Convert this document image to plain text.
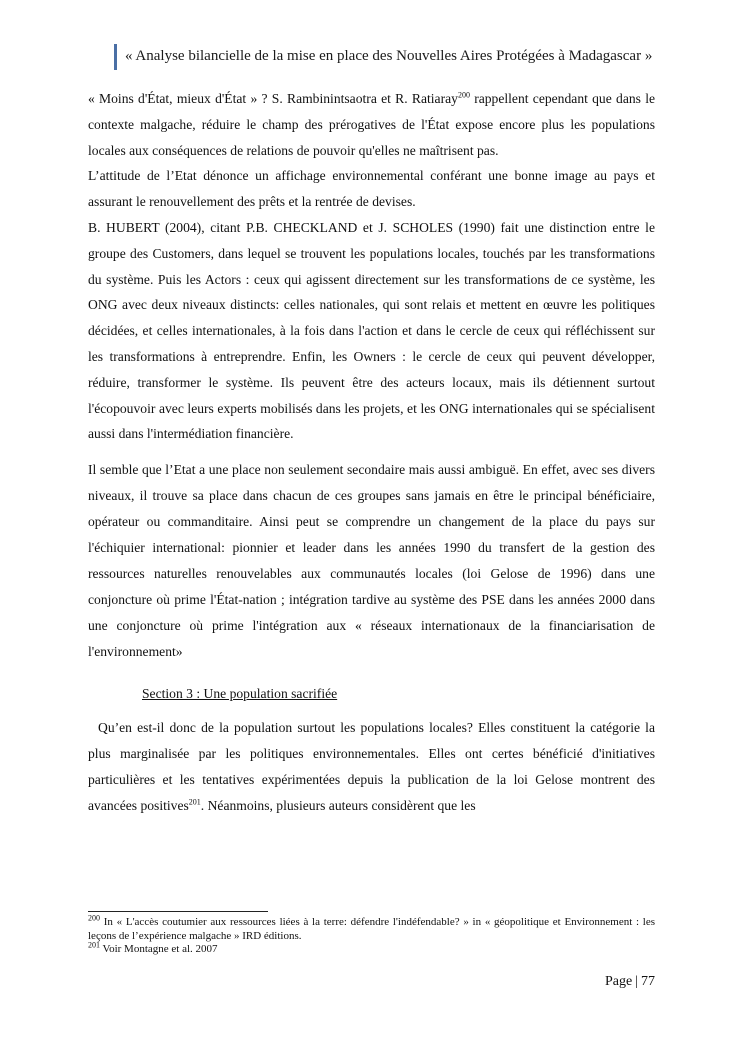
« Analyse bilancielle de la mise en place des Nouvelles Aires Protégées à Madagascar »

« Moins d'État, mieux d'État » ? S. Rambinintsaotra et R. Ratiaray$^{200}$ rappellent cependant que dans le contexte malgache, réduire le champ des prérogatives de l'État expose encore plus les populations locales aux conséquences de relations de pouvoir qu'elles ne maîtrisent pas.

L’attitude de l’Etat dénonce un affichage environnemental conférant une bonne image au pays et assurant le renouvellement des prêts et la rentrée de devises.

B. HUBERT (2004), citant P.B. CHECKLAND et J. SCHOLES (1990) fait une distinction entre le groupe des Customers, dans lequel se trouvent les populations locales, touchés par les transformations du système. Puis les Actors : ceux qui agissent directement sur les transformations de ce système, les ONG avec deux niveaux distincts: celles nationales, qui sont relais et mettent en œuvre les politiques décidées, et celles internationales, à la fois dans l'action et dans le cercle de ceux qui réfléchissent sur les transformations à entreprendre. Enfin, les Owners : le cercle de ceux qui peuvent développer, réduire, transformer le système. Ils peuvent être des acteurs locaux, mais ils détiennent surtout l'écopouvoir avec leurs experts mobilisés dans les projets, et les ONG internationales qui se spécialisent aussi dans l'intermédiation financière.

Il semble que l’Etat a une place non seulement secondaire mais aussi ambiguë. En effet, avec ses divers niveaux, il trouve sa place dans chacun de ces groupes sans jamais en être le principal bénéficiaire, opérateur ou commanditaire. Ainsi peut se comprendre un changement de la place du pays sur l'échiquier international: pionnier et leader dans les années 1990 du transfert de la gestion des ressources naturelles renouvelables aux communautés locales (loi Gelose de 1996) dans une conjoncture où prime l'État-nation ; intégration tardive au système des PSE dans les années 2000 dans une conjoncture où prime l'intégration aux « réseaux internationaux de la financiarisation de l'environnement»

Section 3 : Une population sacrifiée

Qu’en est-il donc de la population surtout les populations locales? Elles constituent la catégorie la plus marginalisée par les politiques environnementales. Elles ont certes bénéficié d'initiatives particulières et les tentatives expérimentées depuis la publication de la loi Gelose montrent des avancées positives$^{201}$. Néanmoins, plusieurs auteurs considèrent que les

$^{200}$ In « L'accès coutumier aux ressources liées à la terre: défendre l'indéfendable? » in « géopolitique et Environnement : les leçons de l’expérience malgache » IRD éditions.

$^{201}$ Voir Montagne et al. 2007

Page | 77
